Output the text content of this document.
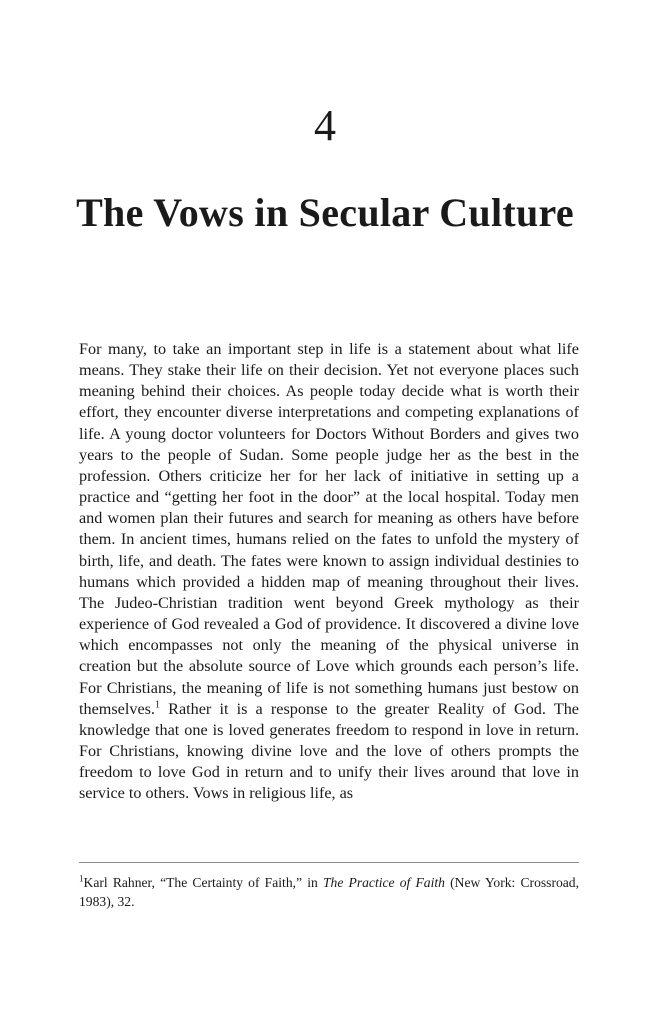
4
The Vows in Secular Culture

For many, to take an important step in life is a statement about what life means. They stake their life on their decision. Yet not everyone places such meaning behind their choices. As people today decide what is worth their effort, they encounter diverse interpretations and competing explanations of life. A young doctor volunteers for Doctors Without Borders and gives two years to the people of Sudan. Some people judge her as the best in the profession. Others criticize her for her lack of initiative in setting up a practice and “getting her foot in the door” at the local hospital. Today men and women plan their futures and search for meaning as others have before them. In ancient times, humans relied on the fates to unfold the mystery of birth, life, and death. The fates were known to assign individual destinies to humans which provided a hidden map of meaning throughout their lives. The Judeo-Christian tradition went beyond Greek mythology as their experience of God revealed a God of providence. It discovered a divine love which encompasses not only the meaning of the physical universe in creation but the absolute source of Love which grounds each person’s life. For Christians, the meaning of life is not something humans just bestow on themselves.$^1$ Rather it is a response to the greater Reality of God. The knowledge that one is loved generates freedom to respond in love in return. For Christians, knowing divine love and the love of others prompts the freedom to love God in return and to unify their lives around that love in service to others. Vows in religious life, as

$^1$Karl Rahner, “The Certainty of Faith,” in The Practice of Faith (New York: Crossroad, 1983), 32.
